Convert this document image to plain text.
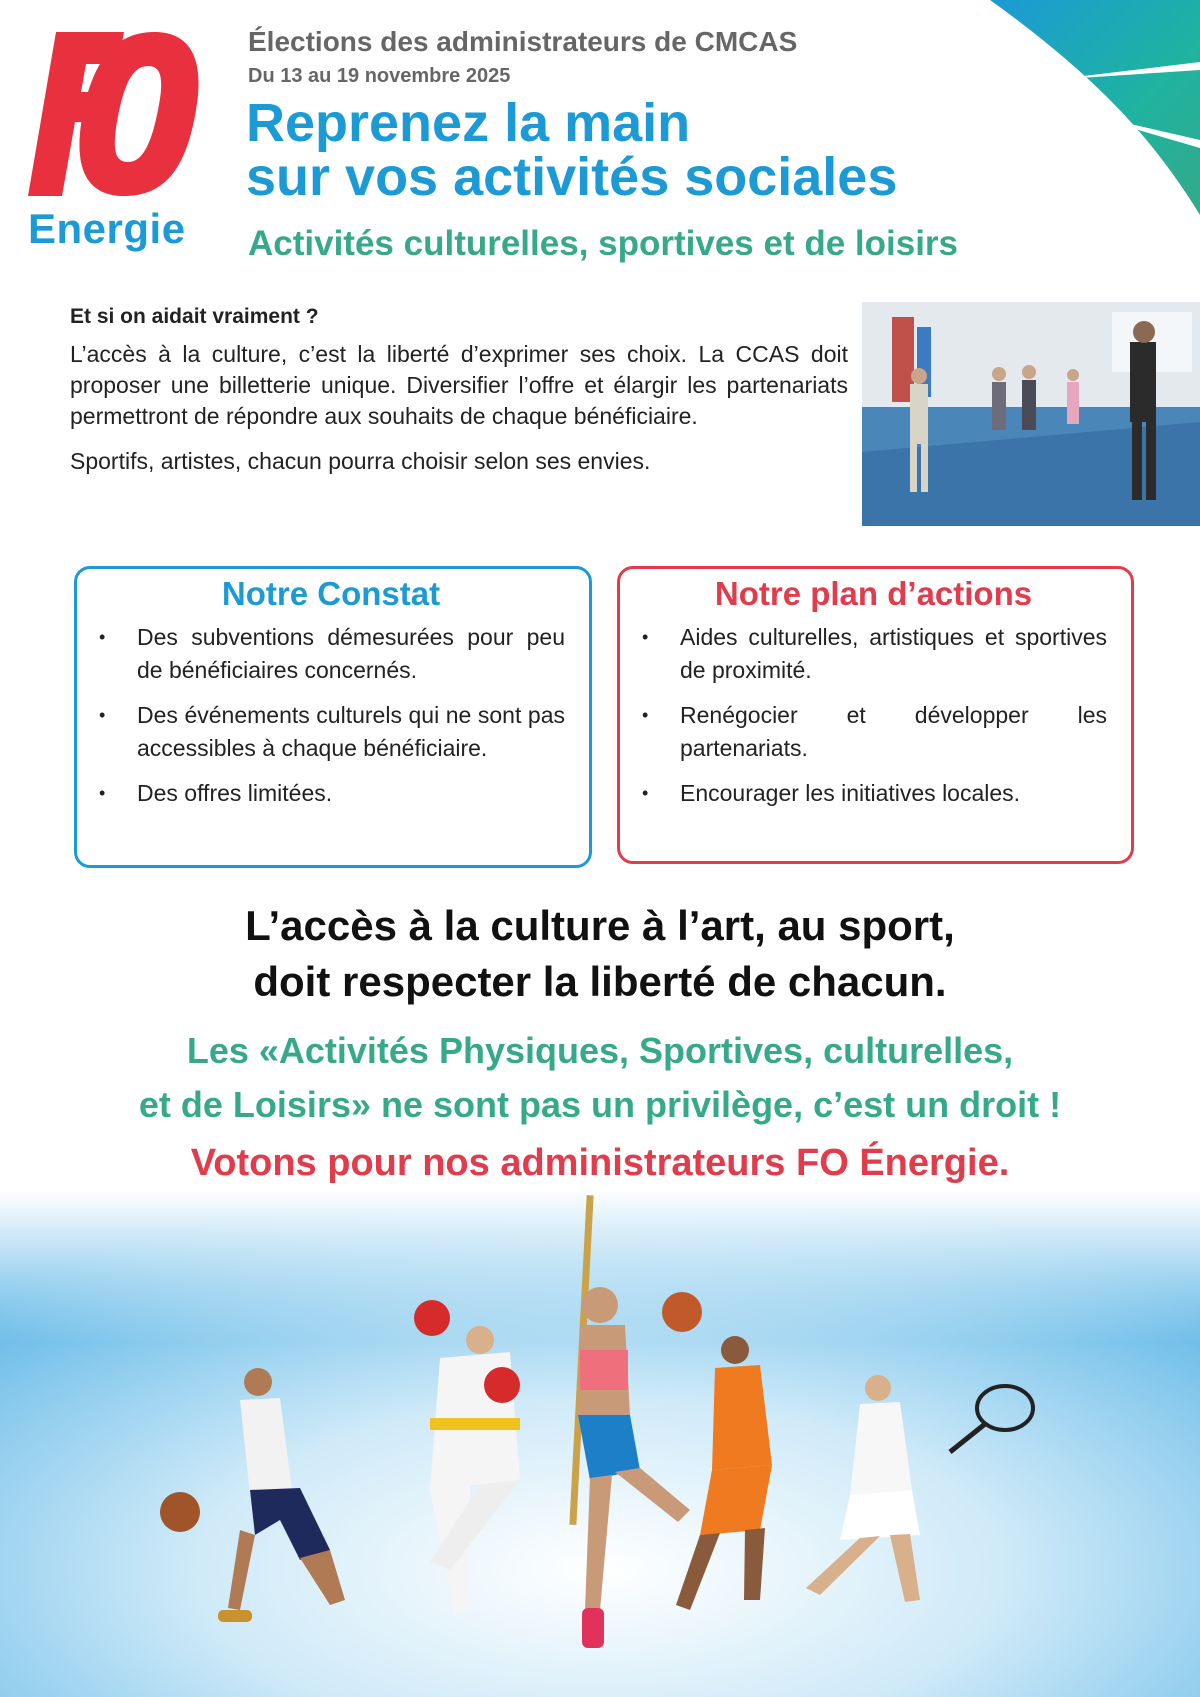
Energie
Élections des administrateurs de CMCAS
Du 13 au 19 novembre 2025
Reprenez la main
sur vos activités sociales
Activités culturelles, sportives et de loisirs
Et si on aidait vraiment ?

L’accès à la culture, c’est la liberté d’exprimer ses choix. La CCAS doit proposer une billetterie unique. Diversifier l’offre et élargir les partenariats permettront de répondre aux souhaits de chaque bénéficiaire.

Sportifs, artistes, chacun pourra choisir selon ses envies.

Notre Constat
• Des subventions démesurées pour peu de bénéficiaires concernés.
• Des événements culturels qui ne sont pas accessibles à chaque bénéficiaire.
• Des offres limitées.
Notre plan d’actions
• Aides culturelles, artistiques et sportives de proximité.
• Renégocier et développer les partenariats.
• Encourager les initiatives locales.
L’accès à la culture à l’art, au sport,
doit respecter la liberté de chacun.
Les «Activités Physiques, Sportives, culturelles,
et de Loisirs» ne sont pas un privilège, c’est un droit !
Votons pour nos administrateurs FO Énergie.
